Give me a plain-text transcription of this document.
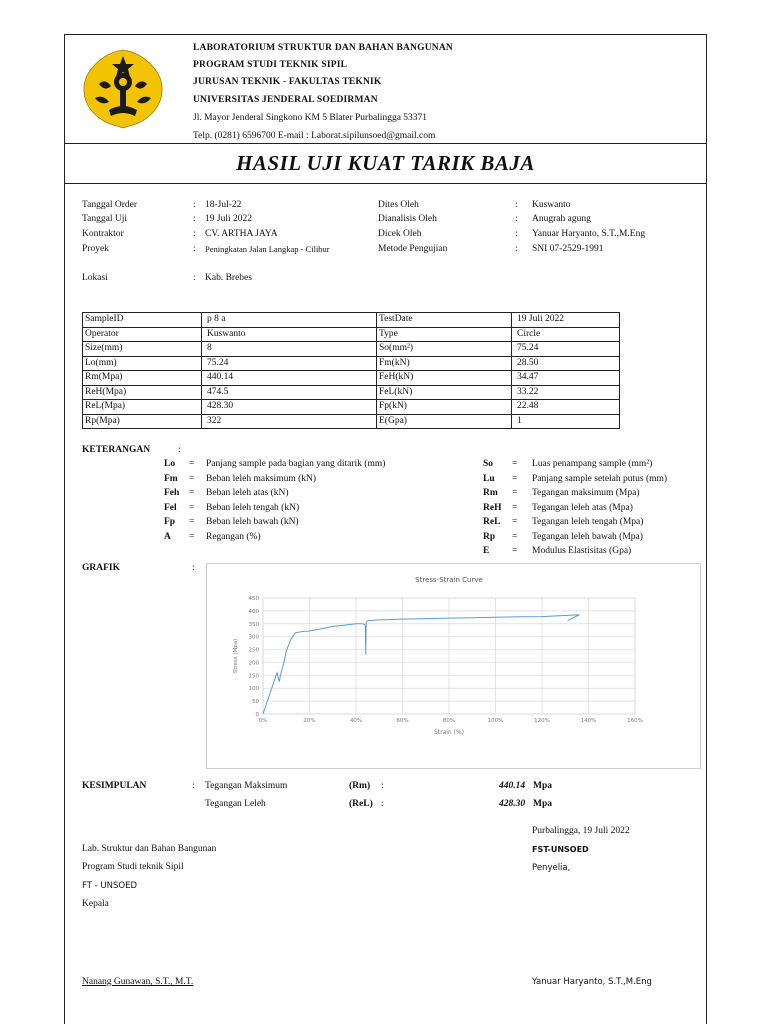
LABORATORIUM STRUKTUR DAN BAHAN BANGUNAN
PROGRAM STUDI TEKNIK SIPIL
JURUSAN TEKNIK - FAKULTAS TEKNIK
UNIVERSITAS JENDERAL SOEDIRMAN
Jl. Mayor Jenderal Singkono KM 5 Blater Purbalingga 53371
Telp. (0281) 6596700 E-mail : Laborat.sipilunsoed@gmail.com
HASIL UJI KUAT TARIK BAJA
Tanggal Order	: 18-Jul-22
Tanggal Uji	: 19 Juli 2022
Kontraktor	: CV. ARTHA JAYA
Proyek	: Peningkatan Jalan Langkap - Cilibur
Lokasi	: Kab. Brebes
Dites Oleh	: Kuswanto
Dianalisis Oleh	: Anugrah agung
Dicek Oleh	: Yanuar Haryanto, S.T.,M.Eng
Metode Pengujian	: SNI 07-2529-1991
SampleID	p 8 a	TestDate	19 Juli 2022
Operator	Kuswanto	Type	Circle
Size(mm)	8	So(mm²)	75.24
Lo(mm)	75.24	Fm(kN)	28.50
Rm(Mpa)	440.14	FeH(kN)	34.47
ReH(Mpa)	474.5	FeL(kN)	33.22
ReL(Mpa)	428.30	Fp(kN)	22.48
Rp(Mpa)	322	E(Gpa)	1
KETERANGAN	:
GRAFIK	:
0
50
100
150
200
250
300
350
400
450
0%	20%	40%	60%	80%	100%	120%	140%	160%
Stress-Strain Curve
Strain (%)
Stress (Mpa)
KESIMPULAN	: Tegangan Maksimum	(Rm) :	440.14 Mpa
Tegangan Leleh	(ReL) :	428.30 Mpa
Purbalingga, 19 Juli 2022
Lab. Struktur dan Bahan Bangunan	FST-UNSOED
Program Studi teknik Sipil	Penyelia,
FT - UNSOED
Kepala
Nanang Gunawan, S.T., M.T.	Yanuar Haryanto, S.T.,M.Eng
Lo = Panjang sample pada bagian yang ditarik (mm)
Fm = Beban leleh maksimum (kN)
Feh = Beban leleh atas (kN)
Fel = Beban leleh tengah (kN)
Fp = Beban leleh bawah (kN)
A = Regangan (%)
So = Luas penampang sample (mm²)
Lu = Panjang sample setelah putus (mm)
Rm = Tegangan maksimum (Mpa)
ReH = Tegangan leleh atas (Mpa)
ReL = Tegangan leleh tengah (Mpa)
Rp = Tegangan leleh bawah (Mpa)
E = Modulus Elastisitas (Gpa)
